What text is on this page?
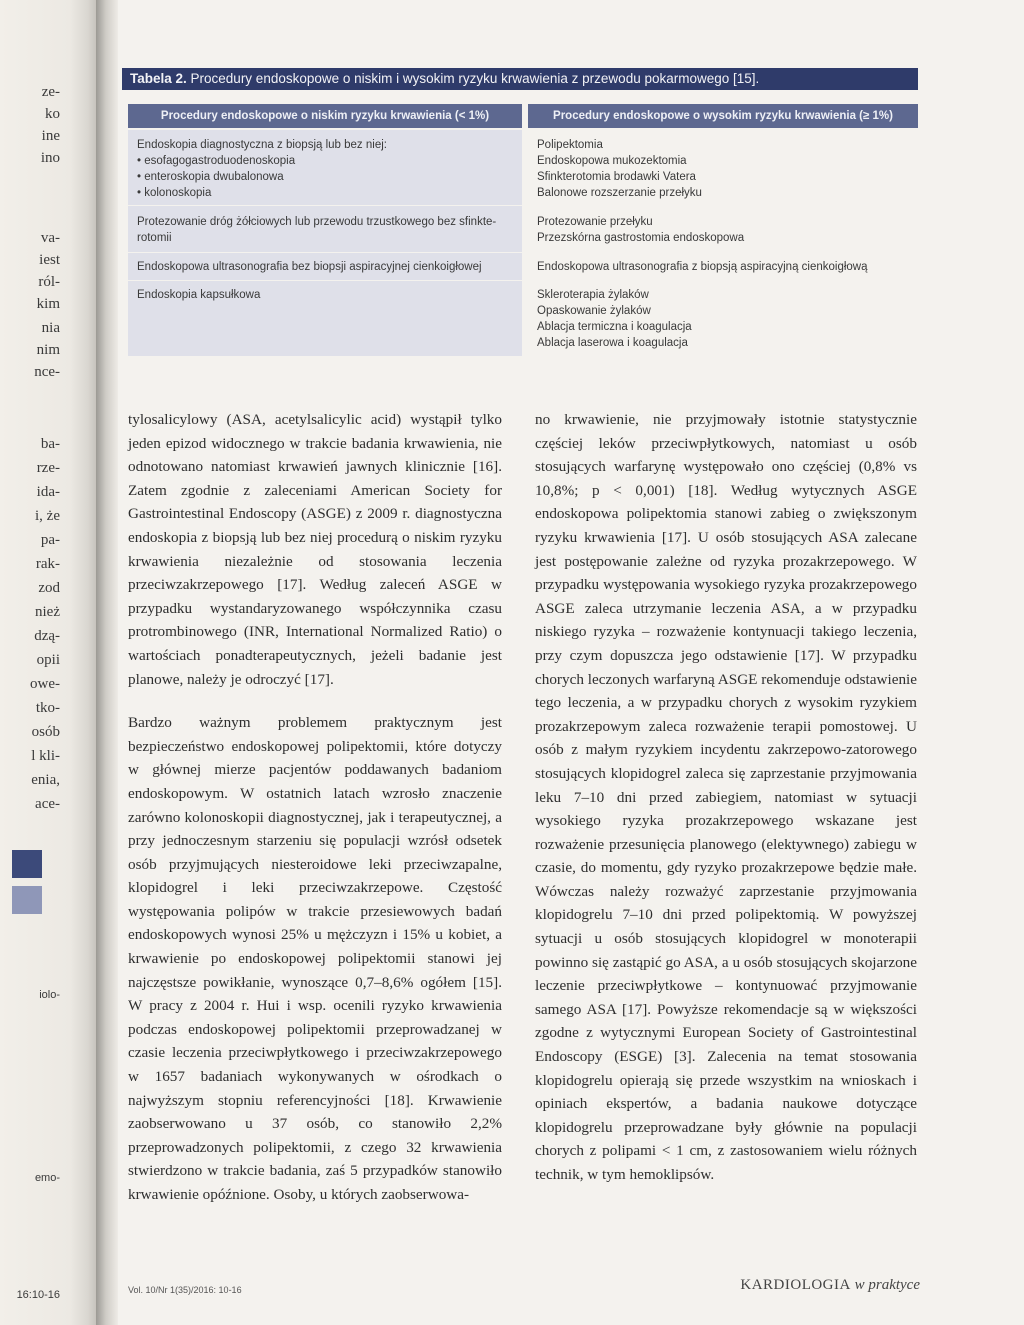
ze-
ko
ine
ino
va-
iest
ról-
kim
nia
nim
nce-
ba-
rze-
ida-
i, że
pa-
rak-
zod
nież
dzą-
opii
owe-
tko-
osób
l kli-
enia,
ace-
iolo-
emo-
16:10-16
Tabela 2. Procedury endoskopowe o niskim i wysokim ryzyku krwawienia z przewodu pokarmowego [15].
Procedury endoskopowe o niskim ryzyku krwawienia (< 1%)	Procedury endoskopowe o wysokim ryzyku krwawienia (≥ 1%)
Endoskopia diagnostyczna z biopsją lub bez niej:
• esofagogastroduodenoskopia
• enteroskopia dwubalonowa
• kolonoskopia
Protezowanie dróg żółciowych lub przewodu trzustkowego bez sfinkte-rotomii
Endoskopowa ultrasonografia bez biopsji aspiracyjnej cienkoigłowej
Endoskopia kapsułkowa
Polipektomia
Endoskopowa mukozektomia
Sfinkterotomia brodawki Vatera
Balonowe rozszerzanie przełyku
Protezowanie przełyku
Przezskórna gastrostomia endoskopowa
Endoskopowa ultrasonografia z biopsją aspiracyjną cienkoigłową
Skleroterapia żylaków
Opaskowanie żylaków
Ablacja termiczna i koagulacja
Ablacja laserowa i koagulacja

tylosalicylowy (ASA, acetylsalicylic acid) wystąpił tylko jeden epizod widocznego w trakcie badania krwawienia, nie odnotowano natomiast krwawień jawnych klinicznie [16]. Zatem zgodnie z zaleceniami American Society for Gastrointestinal Endoscopy (ASGE) z 2009 r. diagnostyczna endoskopia z biopsją lub bez niej procedurą o niskim ryzyku krwawienia niezależnie od stosowania leczenia przeciwzakrzepowego [17]. Według zaleceń ASGE w przypadku wystandaryzowanego współczynnika czasu protrombinowego (INR, International Normalized Ratio) o wartościach ponadterapeutycznych, jeżeli badanie jest planowe, należy je odroczyć [17].

Bardzo ważnym problemem praktycznym jest bezpieczeństwo endoskopowej polipektomii, które dotyczy w głównej mierze pacjentów poddawanych badaniom endoskopowym. W ostatnich latach wzrosło znaczenie zarówno kolonoskopii diagnostycznej, jak i terapeutycznej, a przy jednoczesnym starzeniu się populacji wzrósł odsetek osób przyjmujących niesteroidowe leki przeciwzapalne, klopidogrel i leki przeciwzakrzepowe. Częstość występowania polipów w trakcie przesiewowych badań endoskopowych wynosi 25% u mężczyzn i 15% u kobiet, a krwawienie po endoskopowej polipektomii stanowi jej najczęstsze powikłanie, wynoszące 0,7–8,6% ogółem [15]. W pracy z 2004 r. Hui i wsp. ocenili ryzyko krwawienia podczas endoskopowej polipektomii przeprowadzanej w czasie leczenia przeciwpłytkowego i przeciwzakrzepowego w 1657 badaniach wykonywanych w ośrodkach o najwyższym stopniu referencyjności [18]. Krwawienie zaobserwowano u 37 osób, co stanowiło 2,2% przeprowadzonych polipektomii, z czego 32 krwawienia stwierdzono w trakcie badania, zaś 5 przypadków stanowiło krwawienie opóźnione. Osoby, u których zaobserwowa-

no krwawienie, nie przyjmowały istotnie statystycznie częściej leków przeciwpłytkowych, natomiast u osób stosujących warfarynę występowało ono częściej (0,8% vs 10,8%; p < 0,001) [18]. Według wytycznych ASGE endoskopowa polipektomia stanowi zabieg o zwiększonym ryzyku krwawienia [17]. U osób stosujących ASA zalecane jest postępowanie zależne od ryzyka prozakrzepowego. W przypadku występowania wysokiego ryzyka prozakrzepowego ASGE zaleca utrzymanie leczenia ASA, a w przypadku niskiego ryzyka – rozważenie kontynuacji takiego leczenia, przy czym dopuszcza jego odstawienie [17]. W przypadku chorych leczonych warfaryną ASGE rekomenduje odstawienie tego leczenia, a w przypadku chorych z wysokim ryzykiem prozakrzepowym zaleca rozważenie terapii pomostowej. U osób z małym ryzykiem incydentu zakrzepowo-zatorowego stosujących klopidogrel zaleca się zaprzestanie przyjmowania leku 7–10 dni przed zabiegiem, natomiast w sytuacji wysokiego ryzyka prozakrzepowego wskazane jest rozważenie przesunięcia planowego (elektywnego) zabiegu w czasie, do momentu, gdy ryzyko prozakrzepowe będzie małe. Wówczas należy rozważyć zaprzestanie przyjmowania klopidogrelu 7–10 dni przed polipektomią. W powyższej sytuacji u osób stosujących klopidogrel w monoterapii powinno się zastąpić go ASA, a u osób stosujących skojarzone leczenie przeciwpłytkowe – kontynuować przyjmowanie samego ASA [17]. Powyższe rekomendacje są w większości zgodne z wytycznymi European Society of Gastrointestinal Endoscopy (ESGE) [3]. Zalecenia na temat stosowania klopidogrelu opierają się przede wszystkim na wnioskach i opiniach ekspertów, a badania naukowe dotyczące klopidogrelu przeprowadzane były głównie na populacji chorych z polipami < 1 cm, z zastosowaniem wielu różnych technik, w tym hemoklipsów.

Vol. 10/Nr 1(35)/2016: 10-16	KARDIOLOGIA w praktyce
